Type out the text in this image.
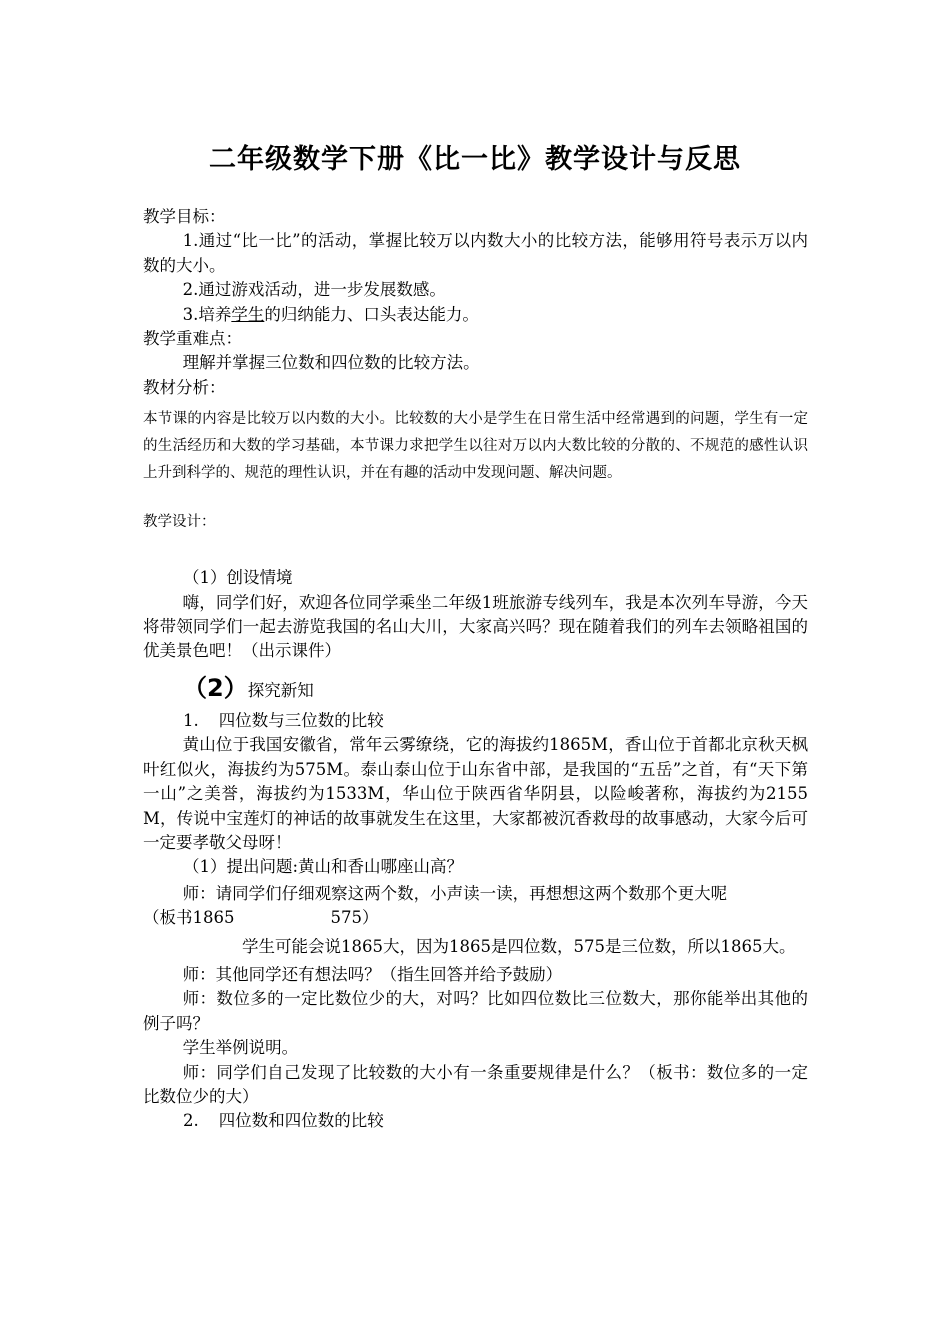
二年级数学下册《比一比》教学设计与反思

教学目标：

1.通过“比一比”的活动，掌握比较万以内数大小的比较方法，能够用符号表示万以内数的大小。

2.通过游戏活动，进一步发展数感。

3.培养学生的归纳能力、口头表达能力。

教学重难点：

理解并掌握三位数和四位数的比较方法。

教材分析：

本节课的内容是比较万以内数的大小。比较数的大小是学生在日常生活中经常遇到的问题，学生有一定的生活经历和大数的学习基础，本节课力求把学生以往对万以内大数比较的分散的、不规范的感性认识上升到科学的、规范的理性认识，并在有趣的活动中发现问题、解决问题。

教学设计：

（1）创设情境

嗨，同学们好，欢迎各位同学乘坐二年级1班旅游专线列车，我是本次列车导游，今天将带领同学们一起去游览我国的名山大川，大家高兴吗？现在随着我们的列车去领略祖国的优美景色吧！（出示课件）

（2）探究新知

1. 四位数与三位数的比较

黄山位于我国安徽省，常年云雾缭绕，它的海拔约1865M，香山位于首都北京秋天枫叶红似火，海拔约为575M。泰山泰山位于山东省中部，是我国的“五岳”之首，有“天下第一山”之美誉，海拔约为1533M，华山位于陕西省华阴县，以险峻著称，海拔约为2155M，传说中宝莲灯的神话的故事就发生在这里，大家都被沉香救母的故事感动，大家今后可一定要孝敬父母呀！

（1）提出问题:黄山和香山哪座山高？

师：请同学们仔细观察这两个数，小声读一读，再想想这两个数那个更大呢

（板书1865	575）

学生可能会说1865大，因为1865是四位数，575是三位数，所以1865大。

师：其他同学还有想法吗？（指生回答并给予鼓励）

师：数位多的一定比数位少的大，对吗？比如四位数比三位数大，那你能举出其他的例子吗？

学生举例说明。

师：同学们自己发现了比较数的大小有一条重要规律是什么？（板书：数位多的一定比数位少的大）

2. 四位数和四位数的比较
